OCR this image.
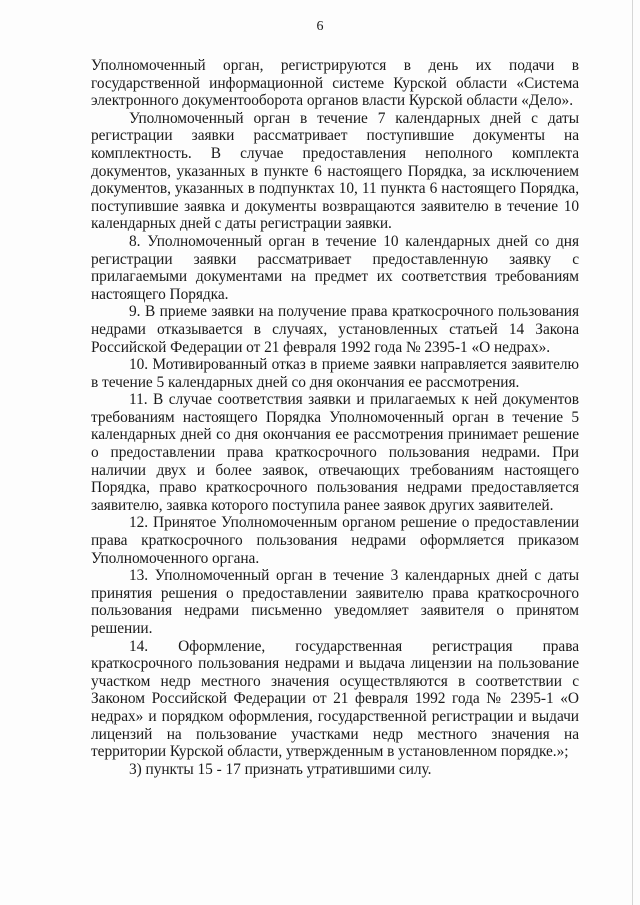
6

Уполномоченный орган, регистрируются в день их подачи в государственной информационной системе Курской области «Система электронного документооборота органов власти Курской области «Дело».

Уполномоченный орган в течение 7 календарных дней с даты регистрации заявки рассматривает поступившие документы на комплектность. В случае предоставления неполного комплекта документов, указанных в пункте 6 настоящего Порядка, за исключением документов, указанных в подпунктах 10, 11 пункта 6 настоящего Порядка, поступившие заявка и документы возвращаются заявителю в течение 10 календарных дней с даты регистрации заявки.

8. Уполномоченный орган в течение 10 календарных дней со дня регистрации заявки рассматривает предоставленную заявку с прилагаемыми документами на предмет их соответствия требованиям настоящего Порядка.

9. В приеме заявки на получение права краткосрочного пользования недрами отказывается в случаях, установленных статьей 14 Закона Российской Федерации от 21 февраля 1992 года № 2395-1 «О недрах».

10. Мотивированный отказ в приеме заявки направляется заявителю в течение 5 календарных дней со дня окончания ее рассмотрения.

11. В случае соответствия заявки и прилагаемых к ней документов требованиям настоящего Порядка Уполномоченный орган в течение 5 календарных дней со дня окончания ее рассмотрения принимает решение о предоставлении права краткосрочного пользования недрами. При наличии двух и более заявок, отвечающих требованиям настоящего Порядка, право краткосрочного пользования недрами предоставляется заявителю, заявка которого поступила ранее заявок других заявителей.

12. Принятое Уполномоченным органом решение о предоставлении права краткосрочного пользования недрами оформляется приказом Уполномоченного органа.

13. Уполномоченный орган в течение 3 календарных дней с даты принятия решения о предоставлении заявителю права краткосрочного пользования недрами письменно уведомляет заявителя о принятом решении.

14. Оформление, государственная регистрация права краткосрочного пользования недрами и выдача лицензии на пользование участком недр местного значения осуществляются в соответствии с Законом Российской Федерации от 21 февраля 1992 года № 2395-1 «О недрах» и порядком оформления, государственной регистрации и выдачи лицензий на пользование участками недр местного значения на территории Курской области, утвержденным в установленном порядке.»;

3) пункты 15 - 17 признать утратившими силу.
